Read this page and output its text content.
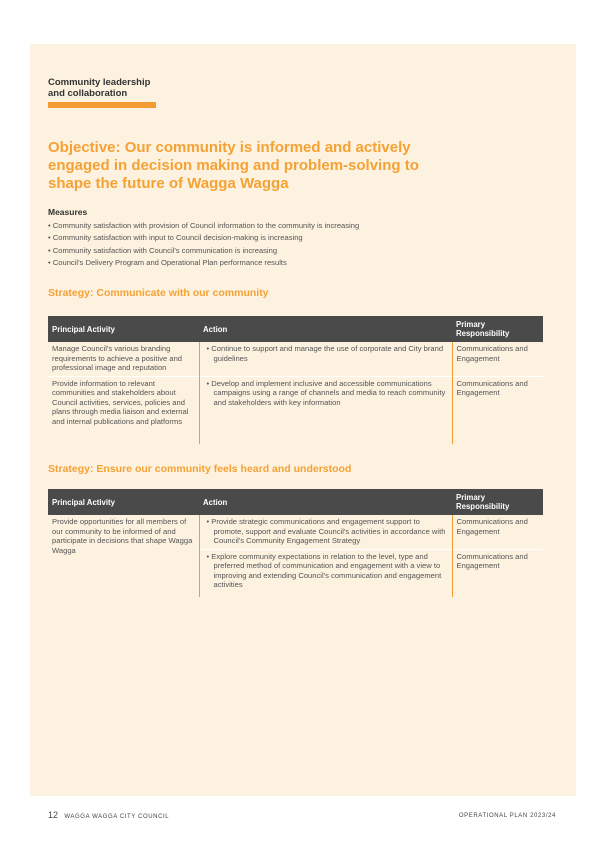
Community leadership
and collaboration
Objective: Our community is informed and actively engaged in decision making and problem-solving to shape the future of Wagga Wagga
Measures
• Community satisfaction with provision of Council information to the community is increasing
• Community satisfaction with input to Council decision-making is increasing
• Community satisfaction with Council's communication is increasing
• Council's Delivery Program and Operational Plan performance results
Strategy: Communicate with our community
Principal Activity	Action	Primary Responsibility
Manage Council's various branding requirements to achieve a positive and professional image and reputation	• Continue to support and manage the use of corporate and City brand guidelines	Communications and Engagement
Provide information to relevant communities and stakeholders about Council activities, services, policies and plans through media liaison and external and internal publications and platforms	• Develop and implement inclusive and accessible communications campaigns using a range of channels and media to reach community and stakeholders with key information	Communications and Engagement
Strategy: Ensure our community feels heard and understood
Principal Activity	Action	Primary Responsibility
Provide opportunities for all members of our community to be informed of and participate in decisions that shape Wagga Wagga	• Provide strategic communications and engagement support to promote, support and evaluate Council's activities in accordance with Council's Community Engagement Strategy	Communications and Engagement
	• Explore community expectations in relation to the level, type and preferred method of communication and engagement with a view to improving and extending Council's communication and engagement activities	Communications and Engagement
12 WAGGA WAGGA CITY COUNCIL	OPERATIONAL PLAN 2023/24
